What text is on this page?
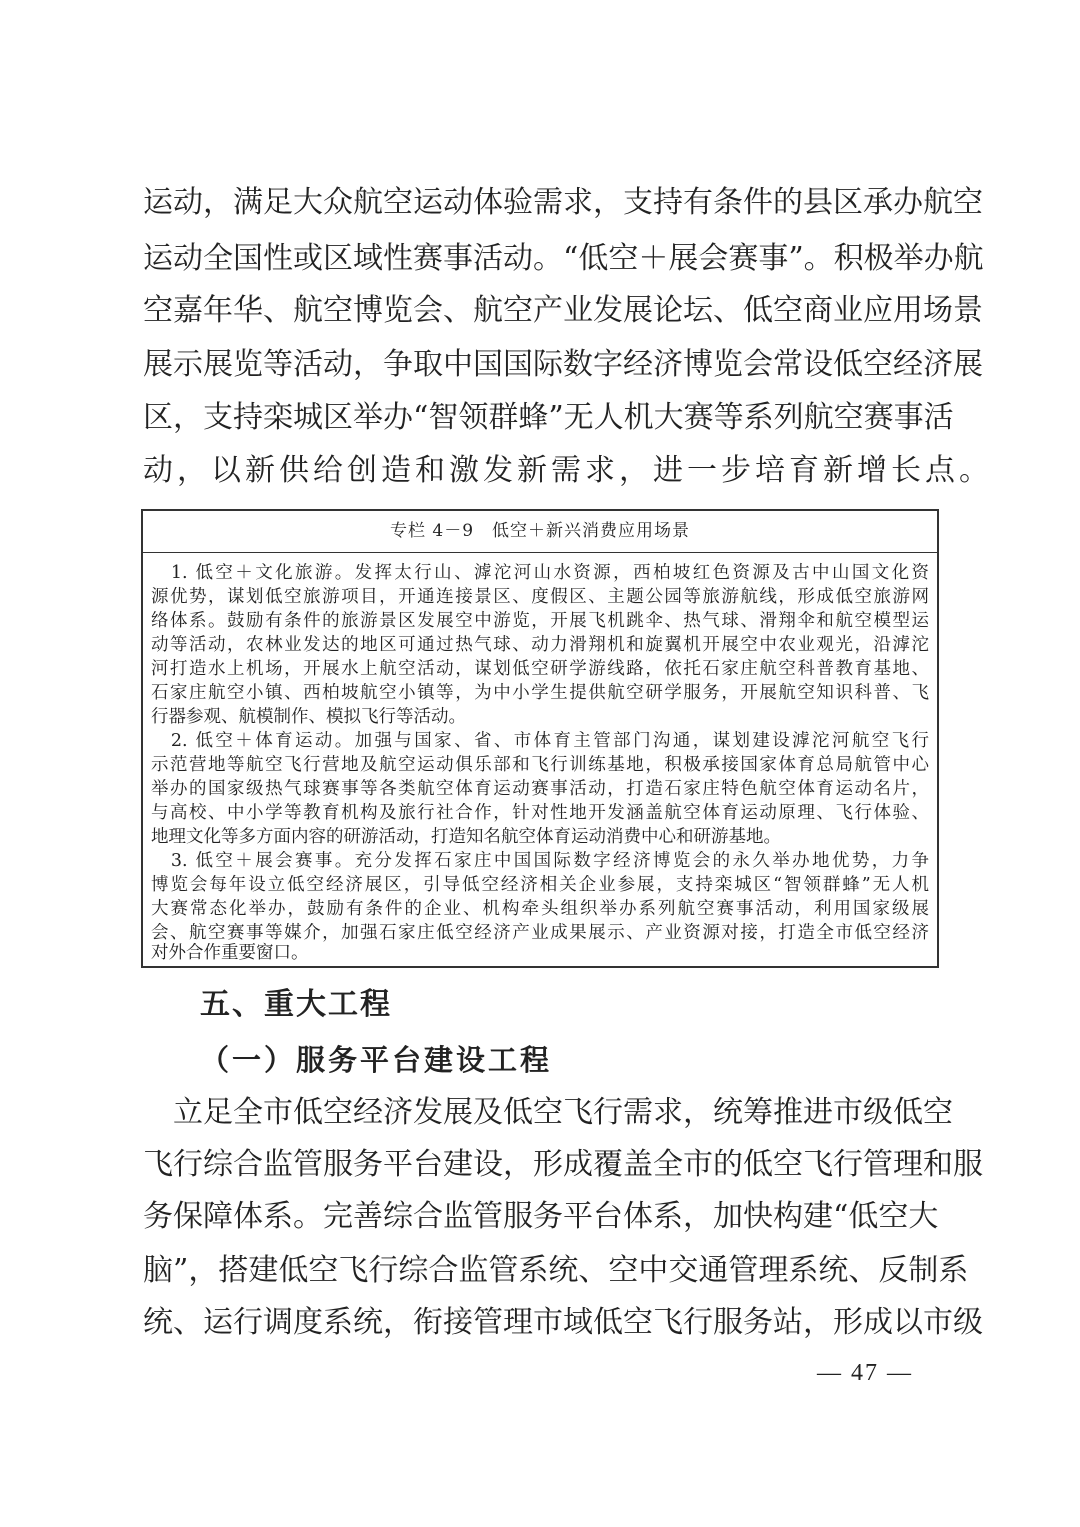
运动，满足大众航空运动体验需求，支持有条件的县区承办航空
运动全国性或区域性赛事活动。“低空＋展会赛事”。积极举办航
空嘉年华、航空博览会、航空产业发展论坛、低空商业应用场景
展示展览等活动，争取中国国际数字经济博览会常设低空经济展
区，支持栾城区举办“智领群蜂”无人机大赛等系列航空赛事活
动，以新供给创造和激发新需求，进一步培育新增长点。
专栏 4－9　低空＋新兴消费应用场景
　1. 低空＋文化旅游。发挥太行山、滹沱河山水资源，西柏坡红色资源及古中山国文化资
源优势，谋划低空旅游项目，开通连接景区、度假区、主题公园等旅游航线，形成低空旅游网
络体系。鼓励有条件的旅游景区发展空中游览，开展飞机跳伞、热气球、滑翔伞和航空模型运
动等活动，农林业发达的地区可通过热气球、动力滑翔机和旋翼机开展空中农业观光，沿滹沱
河打造水上机场，开展水上航空活动，谋划低空研学游线路，依托石家庄航空科普教育基地、
石家庄航空小镇、西柏坡航空小镇等，为中小学生提供航空研学服务，开展航空知识科普、飞
行器参观、航模制作、模拟飞行等活动。
　2. 低空＋体育运动。加强与国家、省、市体育主管部门沟通，谋划建设滹沱河航空飞行
示范营地等航空飞行营地及航空运动俱乐部和飞行训练基地，积极承接国家体育总局航管中心
举办的国家级热气球赛事等各类航空体育运动赛事活动，打造石家庄特色航空体育运动名片，
与高校、中小学等教育机构及旅行社合作，针对性地开发涵盖航空体育运动原理、飞行体验、
地理文化等多方面内容的研游活动，打造知名航空体育运动消费中心和研游基地。
　3. 低空＋展会赛事。充分发挥石家庄中国国际数字经济博览会的永久举办地优势，力争
博览会每年设立低空经济展区，引导低空经济相关企业参展，支持栾城区“智领群蜂”无人机
大赛常态化举办，鼓励有条件的企业、机构牵头组织举办系列航空赛事活动，利用国家级展
会、航空赛事等媒介，加强石家庄低空经济产业成果展示、产业资源对接，打造全市低空经济
对外合作重要窗口。
五、重大工程
（一）服务平台建设工程
　立足全市低空经济发展及低空飞行需求，统筹推进市级低空
飞行综合监管服务平台建设，形成覆盖全市的低空飞行管理和服
务保障体系。完善综合监管服务平台体系，加快构建“低空大
脑”，搭建低空飞行综合监管系统、空中交通管理系统、反制系
统、运行调度系统，衔接管理市域低空飞行服务站，形成以市级
— 47 —
